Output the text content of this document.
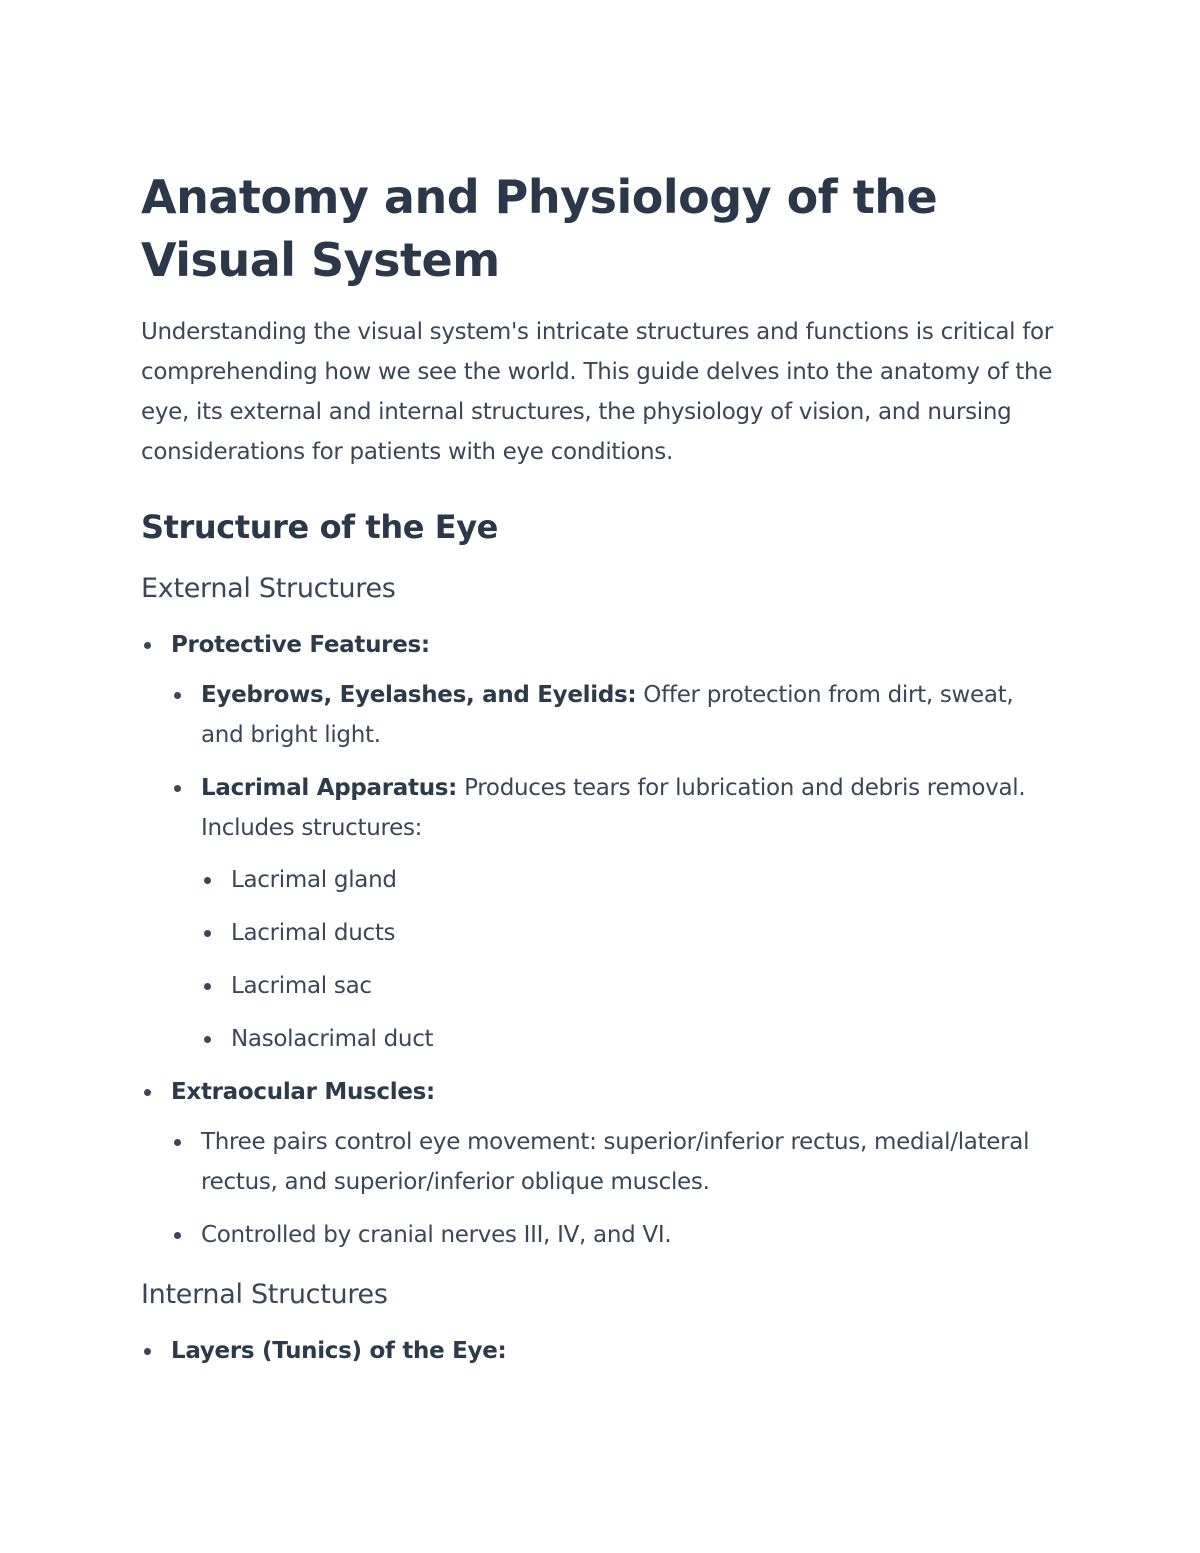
Anatomy and Physiology of the Visual System

Understanding the visual system's intricate structures and functions is critical for comprehending how we see the world. This guide delves into the anatomy of the eye, its external and internal structures, the physiology of vision, and nursing considerations for patients with eye conditions.

Structure of the Eye
External Structures
Protective Features:
Eyebrows, Eyelashes, and Eyelids: Offer protection from dirt, sweat, and bright light.
Lacrimal Apparatus: Produces tears for lubrication and debris removal. Includes structures:
Lacrimal gland
Lacrimal ducts
Lacrimal sac
Nasolacrimal duct
Extraocular Muscles:
Three pairs control eye movement: superior/inferior rectus, medial/lateral rectus, and superior/inferior oblique muscles.
Controlled by cranial nerves III, IV, and VI.
Internal Structures
Layers (Tunics) of the Eye:
